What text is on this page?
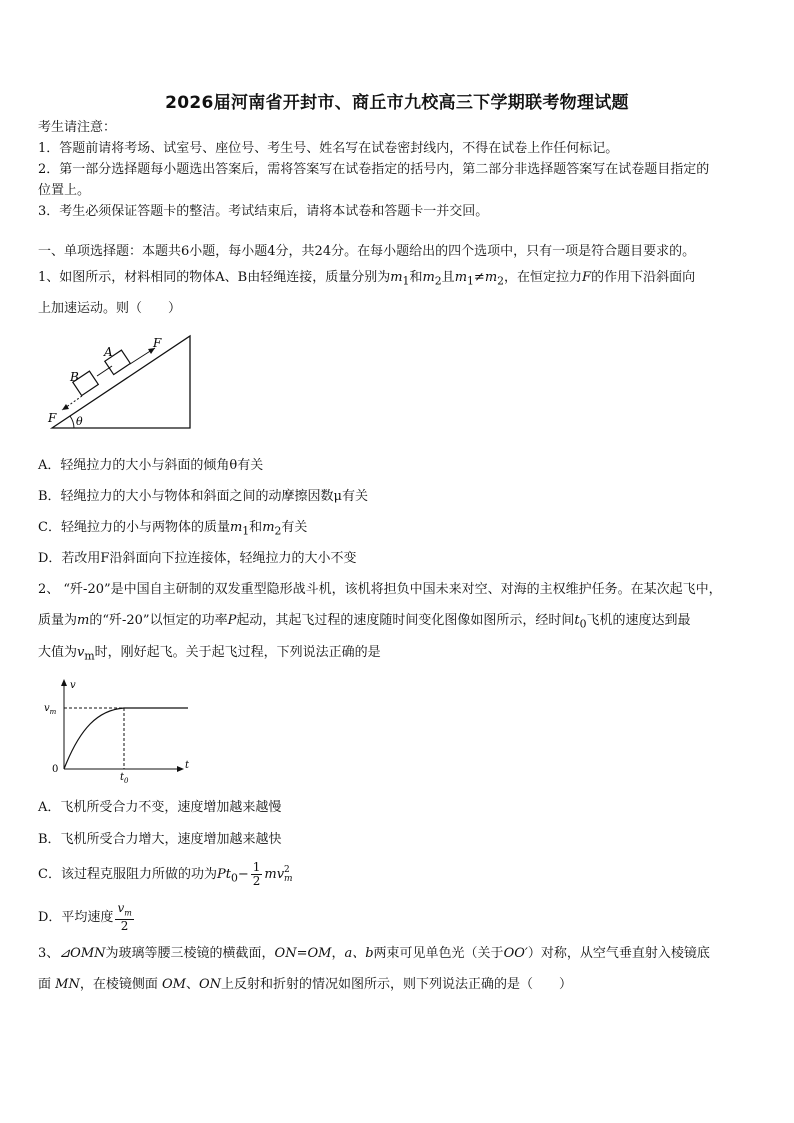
2026届河南省开封市、商丘市九校高三下学期联考物理试题
考生请注意：
1．答题前请将考场、试室号、座位号、考生号、姓名写在试卷密封线内，不得在试卷上作任何标记。
2．第一部分选择题每小题选出答案后，需将答案写在试卷指定的括号内，第二部分非选择题答案写在试卷题目指定的
位置上。
3．考生必须保证答题卡的整洁。考试结束后，请将本试卷和答题卡一并交回。
一、单项选择题：本题共6小题，每小题4分，共24分。在每小题给出的四个选项中，只有一项是符合题目要求的。
1、如图所示，材料相同的物体A、B由轻绳连接，质量分别为$m_1$和$m_2$且$m_1\ne m_2$，在恒定拉力F的作用下沿斜面向
上加速运动。则（　　）
A
B
F
F θ
A．轻绳拉力的大小与斜面的倾角θ有关
B．轻绳拉力的大小与物体和斜面之间的动摩擦因数μ有关
C．轻绳拉力的小与两物体的质量$m_1$和$m_2$有关
D．若改用F沿斜面向下拉连接体，轻绳拉力的大小不变
2、 “歼-20”是中国自主研制的双发重型隐形战斗机，该机将担负中国未来对空、对海的主权维护任务。在某次起飞中，
质量为m的“歼-20”以恒定的功率P起动，其起飞过程的速度随时间变化图像如图所示，经时间$t_0$飞机的速度达到最
大值为$v_m$时，刚好起飞。关于起飞过程，下列说法正确的是
v
$v_m$
0
$t_0$
t
A．飞机所受合力不变，速度增加越来越慢
B．飞机所受合力增大，速度增加越来越快
C．该过程克服阻力所做的功为$Pt_0- \frac{1}{2}$ mv 2
m
D．平均速度 $\frac{v_m}{2}$
3、⊿OMN为玻璃等腰三棱镜的横截面，ON=OM，a、b两束可见单色光（关于OO′）对称，从空气垂直射入棱镜底
面 MN，在棱镜侧面 OM、ON上反射和折射的情况如图所示，则下列说法正确的是（　　）
